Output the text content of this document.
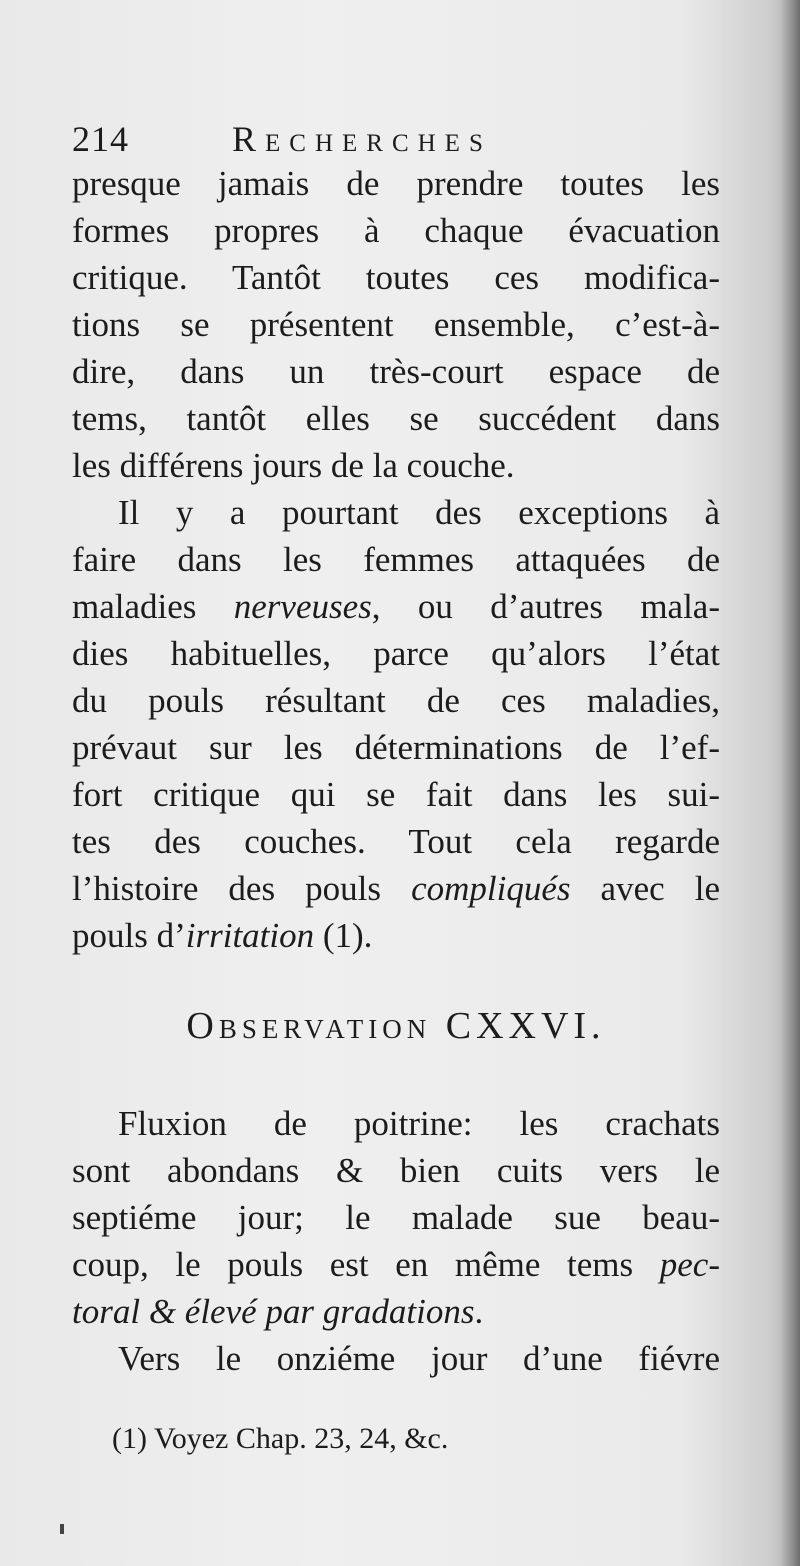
214	Recherches

presque jamais de prendre toutes les
formes propres à chaque évacuation
critique. Tantôt toutes ces modifica-
tions se présentent ensemble, c’est-à-
dire, dans un très-court espace de
tems, tantôt elles se succédent dans
les différens jours de la couche.

Il y a pourtant des exceptions à
faire dans les femmes attaquées de
maladies nerveuses, ou d’autres mala-
dies habituelles, parce qu’alors l’état
du pouls résultant de ces maladies,
prévaut sur les déterminations de l’ef-
fort critique qui se fait dans les sui-
tes des couches. Tout cela regarde
l’histoire des pouls compliqués avec le
pouls d’irritation (1).

Observation CXXVI.
Fluxion de poitrine: les crachats
sont abondans & bien cuits vers le
septiéme jour; le malade sue beau-
coup, le pouls est en même tems pec-
toral & élevé par gradations.
Vers le onziéme jour d’une fiévre
(1) Voyez Chap. 23, 24, &c.
